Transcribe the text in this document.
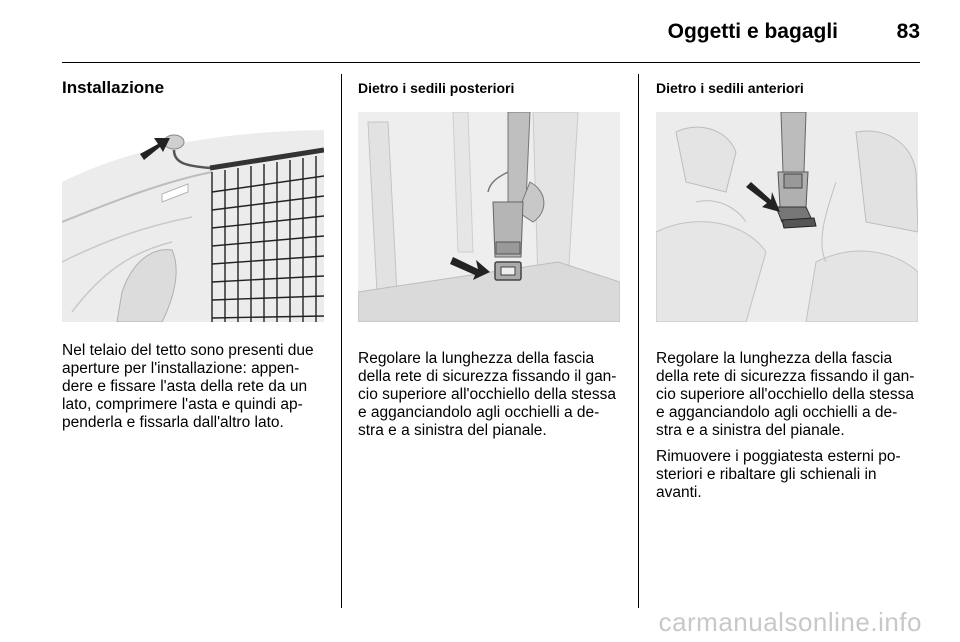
Oggetti e bagagli	83
Installazione

Nel telaio del tetto sono presenti due aperture per l'installazione: appen-dere e fissare l'asta della rete da un lato, comprimere l'asta e quindi ap-penderla e fissarla dall'altro lato.

Dietro i sedili posteriori

Regolare la lunghezza della fascia della rete di sicurezza fissando il gan-cio superiore all'occhiello della stessa e agganciandolo agli occhielli a de-stra e a sinistra del pianale.

Dietro i sedili anteriori

Regolare la lunghezza della fascia della rete di sicurezza fissando il gan-cio superiore all'occhiello della stessa e agganciandolo agli occhielli a de-stra e a sinistra del pianale.

Rimuovere i poggiatesta esterni po-steriori e ribaltare gli schienali in avanti.

carmanualsonline.info
